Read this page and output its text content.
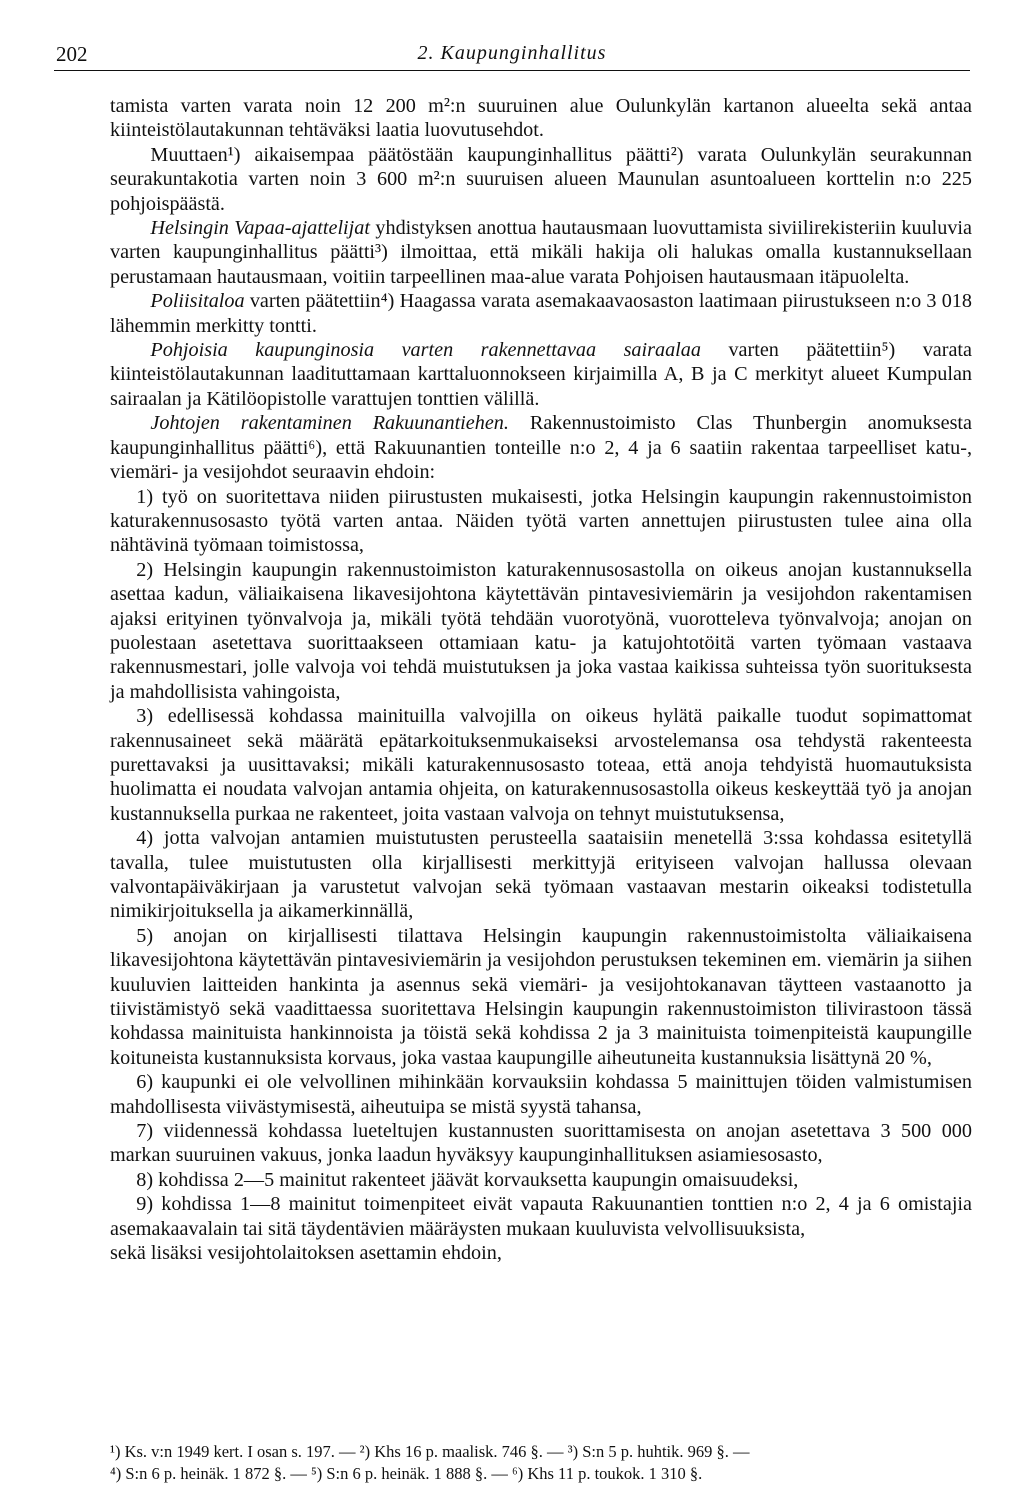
202	2. Kaupunginhallitus

tamista varten varata noin 12 200 m²:n suuruinen alue Oulunkylän kartanon alueelta sekä antaa kiinteistölautakunnan tehtäväksi laatia luovutusehdot.

Muuttaen¹) aikaisempaa päätöstään kaupunginhallitus päätti²) varata Oulunkylän seurakunnan seurakuntakotia varten noin 3 600 m²:n suuruisen alueen Maunulan asuntoalueen korttelin n:o 225 pohjoispäästä.

Helsingin Vapaa-ajattelijat yhdistyksen anottua hautausmaan luovuttamista siviilirekisteriin kuuluvia varten kaupunginhallitus päätti³) ilmoittaa, että mikäli hakija oli halukas omalla kustannuksellaan perustamaan hautausmaan, voitiin tarpeellinen maa-alue varata Pohjoisen hautausmaan itäpuolelta.

Poliisitaloa varten päätettiin⁴) Haagassa varata asemakaavaosaston laatimaan piirustukseen n:o 3 018 lähemmin merkitty tontti.

Pohjoisia kaupunginosia varten rakennettavaa sairaalaa varten päätettiin⁵) varata kiinteistölautakunnan laadituttamaan karttaluonnokseen kirjaimilla A, B ja C merkityt alueet Kumpulan sairaalan ja Kätilöopistolle varattujen tonttien välillä.

Johtojen rakentaminen Rakuunantiehen. Rakennustoimisto Clas Thunbergin anomuksesta kaupunginhallitus päätti⁶), että Rakuunantien tonteille n:o 2, 4 ja 6 saatiin rakentaa tarpeelliset katu-, viemäri- ja vesijohdot seuraavin ehdoin:

1) työ on suoritettava niiden piirustusten mukaisesti, jotka Helsingin kaupungin rakennustoimiston katurakennusosasto työtä varten antaa. Näiden työtä varten annettujen piirustusten tulee aina olla nähtävinä työmaan toimistossa,

2) Helsingin kaupungin rakennustoimiston katurakennusosastolla on oikeus anojan kustannuksella asettaa kadun, väliaikaisena likavesijohtona käytettävän pintavesiviemärin ja vesijohdon rakentamisen ajaksi erityinen työnvalvoja ja, mikäli työtä tehdään vuorotyönä, vuorotteleva työnvalvoja; anojan on puolestaan asetettava suorittaakseen ottamiaan katu- ja katujohtotöitä varten työmaan vastaava rakennusmestari, jolle valvoja voi tehdä muistutuksen ja joka vastaa kaikissa suhteissa työn suorituksesta ja mahdollisista vahingoista,

3) edellisessä kohdassa mainituilla valvojilla on oikeus hylätä paikalle tuodut sopimattomat rakennusaineet sekä määrätä epätarkoituksenmukaiseksi arvostelemansa osa tehdystä rakenteesta purettavaksi ja uusittavaksi; mikäli katurakennusosasto toteaa, että anoja tehdyistä huomautuksista huolimatta ei noudata valvojan antamia ohjeita, on katurakennusosastolla oikeus keskeyttää työ ja anojan kustannuksella purkaa ne rakenteet, joita vastaan valvoja on tehnyt muistutuksensa,

4) jotta valvojan antamien muistutusten perusteella saataisiin menetellä 3:ssa kohdassa esitetyllä tavalla, tulee muistutusten olla kirjallisesti merkittyjä erityiseen valvojan hallussa olevaan valvontapäiväkirjaan ja varustetut valvojan sekä työmaan vastaavan mestarin oikeaksi todistetulla nimikirjoituksella ja aikamerkinnällä,

5) anojan on kirjallisesti tilattava Helsingin kaupungin rakennustoimistolta väliaikaisena likavesijohtona käytettävän pintavesiviemärin ja vesijohdon perustuksen tekeminen em. viemärin ja siihen kuuluvien laitteiden hankinta ja asennus sekä viemäri- ja vesijohtokanavan täytteen vastaanotto ja tiivistämistyö sekä vaadittaessa suoritettava Helsingin kaupungin rakennustoimiston tilivirastoon tässä kohdassa mainituista hankinnoista ja töistä sekä kohdissa 2 ja 3 mainituista toimenpiteistä kaupungille koituneista kustannuksista korvaus, joka vastaa kaupungille aiheutuneita kustannuksia lisättynä 20 %,

6) kaupunki ei ole velvollinen mihinkään korvauksiin kohdassa 5 mainittujen töiden valmistumisen mahdollisesta viivästymisestä, aiheutuipa se mistä syystä tahansa,

7) viidennessä kohdassa lueteltujen kustannusten suorittamisesta on anojan asetettava 3 500 000 markan suuruinen vakuus, jonka laadun hyväksyy kaupunginhallituksen asiamiesosasto,

8) kohdissa 2—5 mainitut rakenteet jäävät korvauksetta kaupungin omaisuudeksi,

9) kohdissa 1—8 mainitut toimenpiteet eivät vapauta Rakuunantien tonttien n:o 2, 4 ja 6 omistajia asemakaavalain tai sitä täydentävien määräysten mukaan kuuluvista velvollisuuksista,

sekä lisäksi vesijohtolaitoksen asettamin ehdoin,

¹) Ks. v:n 1949 kert. I osan s. 197. — ²) Khs 16 p. maalisk. 746 §. — ³) S:n 5 p. huhtik. 969 §. —

⁴) S:n 6 p. heinäk. 1 872 §. — ⁵) S:n 6 p. heinäk. 1 888 §. — ⁶) Khs 11 p. toukok. 1 310 §.
